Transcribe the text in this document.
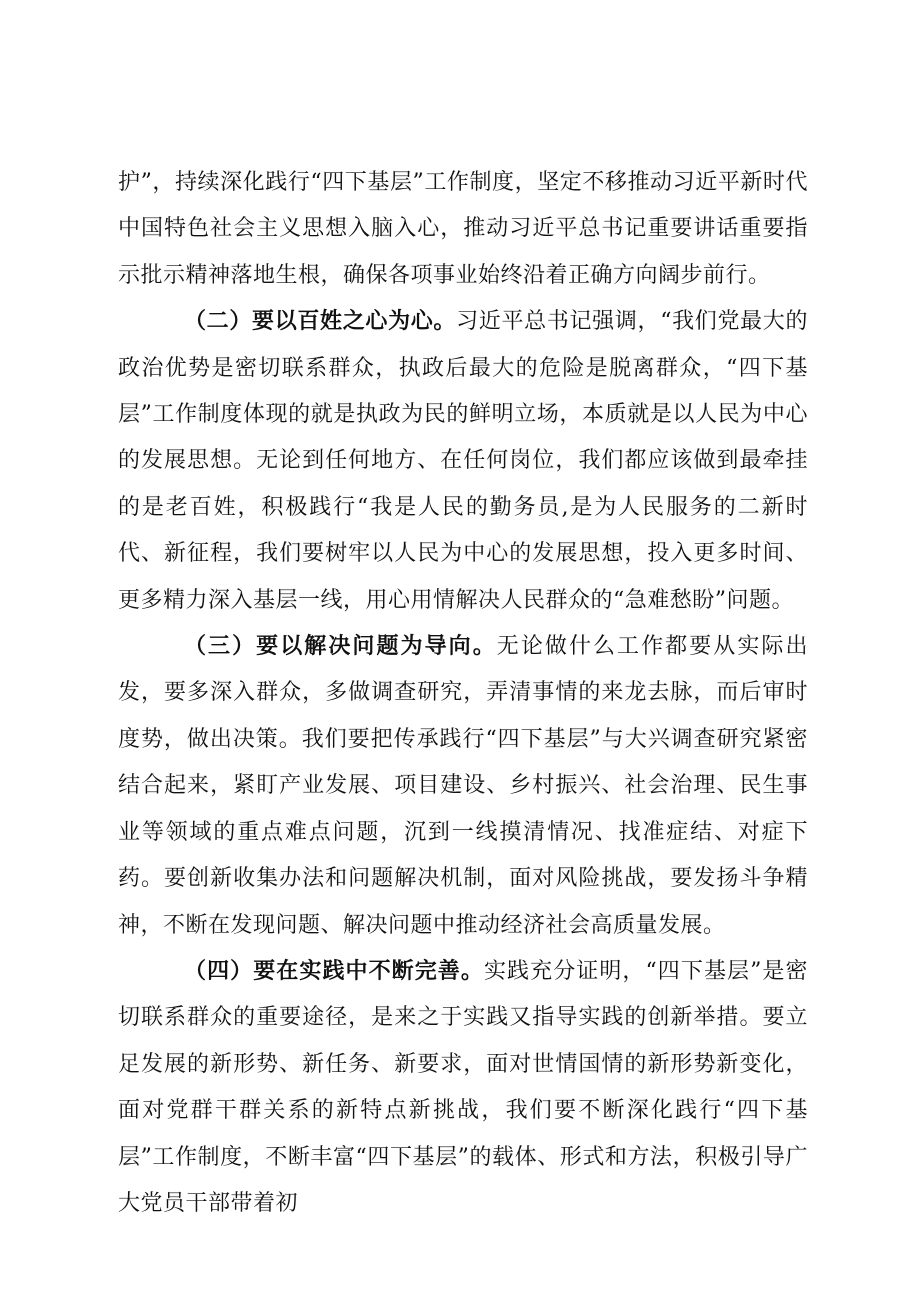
护”，持续深化践行“四下基层”工作制度，坚定不移推动习近平新时代中国特色社会主义思想入脑入心，推动习近平总书记重要讲话重要指示批示精神落地生根，确保各项事业始终沿着正确方向阔步前行。

（二）要以百姓之心为心。习近平总书记强调，“我们党最大的政治优势是密切联系群众，执政后最大的危险是脱离群众，“四下基层”工作制度体现的就是执政为民的鲜明立场，本质就是以人民为中心的发展思想。无论到任何地方、在任何岗位，我们都应该做到最牵挂的是老百姓，积极践行“我是人民的勤务员,是为人民服务的二新时代、新征程，我们要树牢以人民为中心的发展思想，投入更多时间、更多精力深入基层一线，用心用情解决人民群众的“急难愁盼”问题。

（三）要以解决问题为导向。无论做什么工作都要从实际出发，要多深入群众，多做调查研究，弄清事情的来龙去脉，而后审时度势，做出决策。我们要把传承践行“四下基层”与大兴调查研究紧密结合起来，紧盯产业发展、项目建设、乡村振兴、社会治理、民生事业等领域的重点难点问题，沉到一线摸清情况、找准症结、对症下药。要创新收集办法和问题解决机制，面对风险挑战，要发扬斗争精神，不断在发现问题、解决问题中推动经济社会高质量发展。

（四）要在实践中不断完善。实践充分证明，“四下基层”是密切联系群众的重要途径，是来之于实践又指导实践的创新举措。要立足发展的新形势、新任务、新要求，面对世情国情的新形势新变化，面对党群干群关系的新特点新挑战，我们要不断深化践行“四下基层”工作制度，不断丰富“四下基层”的载体、形式和方法，积极引导广大党员干部带着初
